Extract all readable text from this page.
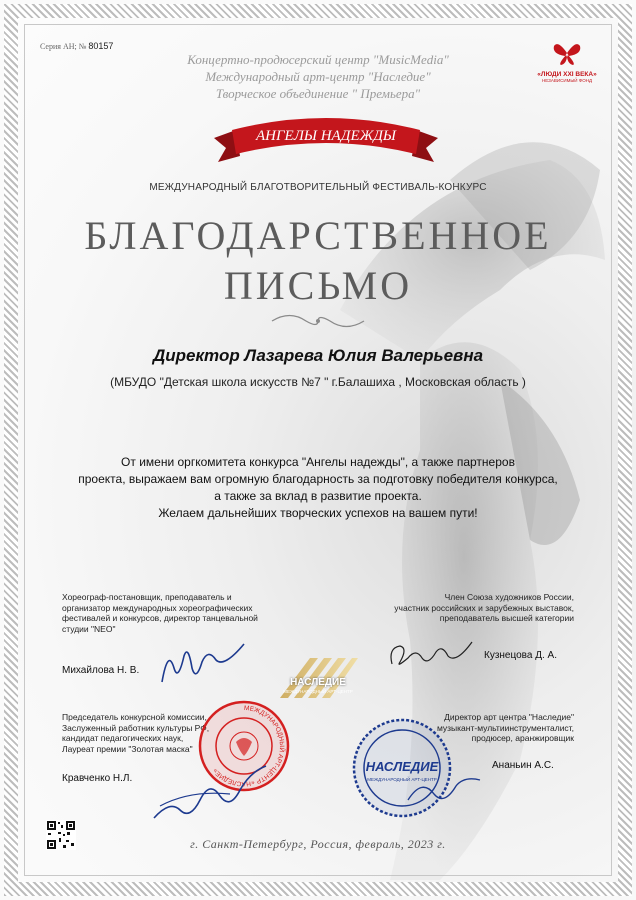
Серия АН; № 80157
Концертно-продюсерский центр "MusicMedia"
Международный арт-центр "Наследие"
Творческое объединение " Премьера"
«ЛЮДИ XXI ВЕКА»
НЕЗАВИСИМЫЙ ФОНД
АНГЕЛЫ НАДЕЖДЫ
МЕЖДУНАРОДНЫЙ БЛАГОТВОРИТЕЛЬНЫЙ ФЕСТИВАЛЬ-КОНКУРС
БЛАГОДАРСТВЕННОЕ
ПИСЬМО
Директор Лазарева Юлия Валерьевна
(МБУДО "Детская школа искусств №7 " г.Балашиха , Московская область )
От имени оргкомитета конкурса "Ангелы надежды", а также партнеров
проекта, выражаем вам огромную благодарность за подготовку победителя конкурса,
а также за вклад в развитие проекта.
Желаем дальнейших творческих успехов на вашем пути!
Хореограф-постановщик, преподаватель и
организатор международных хореографических
фестивалей и конкурсов, директор танцевальной
студии "NEO"
Михайлова Н. В.
Член Союза художников России,
участник российских и зарубежных выставок,
преподаватель высшей категории
Кузнецова Д. А.
НАСЛЕДИЕ
МЕЖДУНАРОДНЫЙ АРТ-ЦЕНТР
Председатель конкурсной комиссии,
Заслуженный работник культуры РФ,
кандидат педагогических наук,
Лауреат премии "Золотая маска"
Кравченко Н.Л.
МЕЖДУНАРОДНЫЙ АРТ-ЦЕНТР «НАСЛЕДИЕ»
Директор арт центра "Наследие"
музыкант-мультиинструменталист,
продюсер, аранжировщик
Ананьин А.С.
НАСЛЕДИЕ
МЕЖДУНАРОДНЫЙ АРТ-ЦЕНТР
г. Санкт-Петербург, Россия, февраль, 2023 г.
